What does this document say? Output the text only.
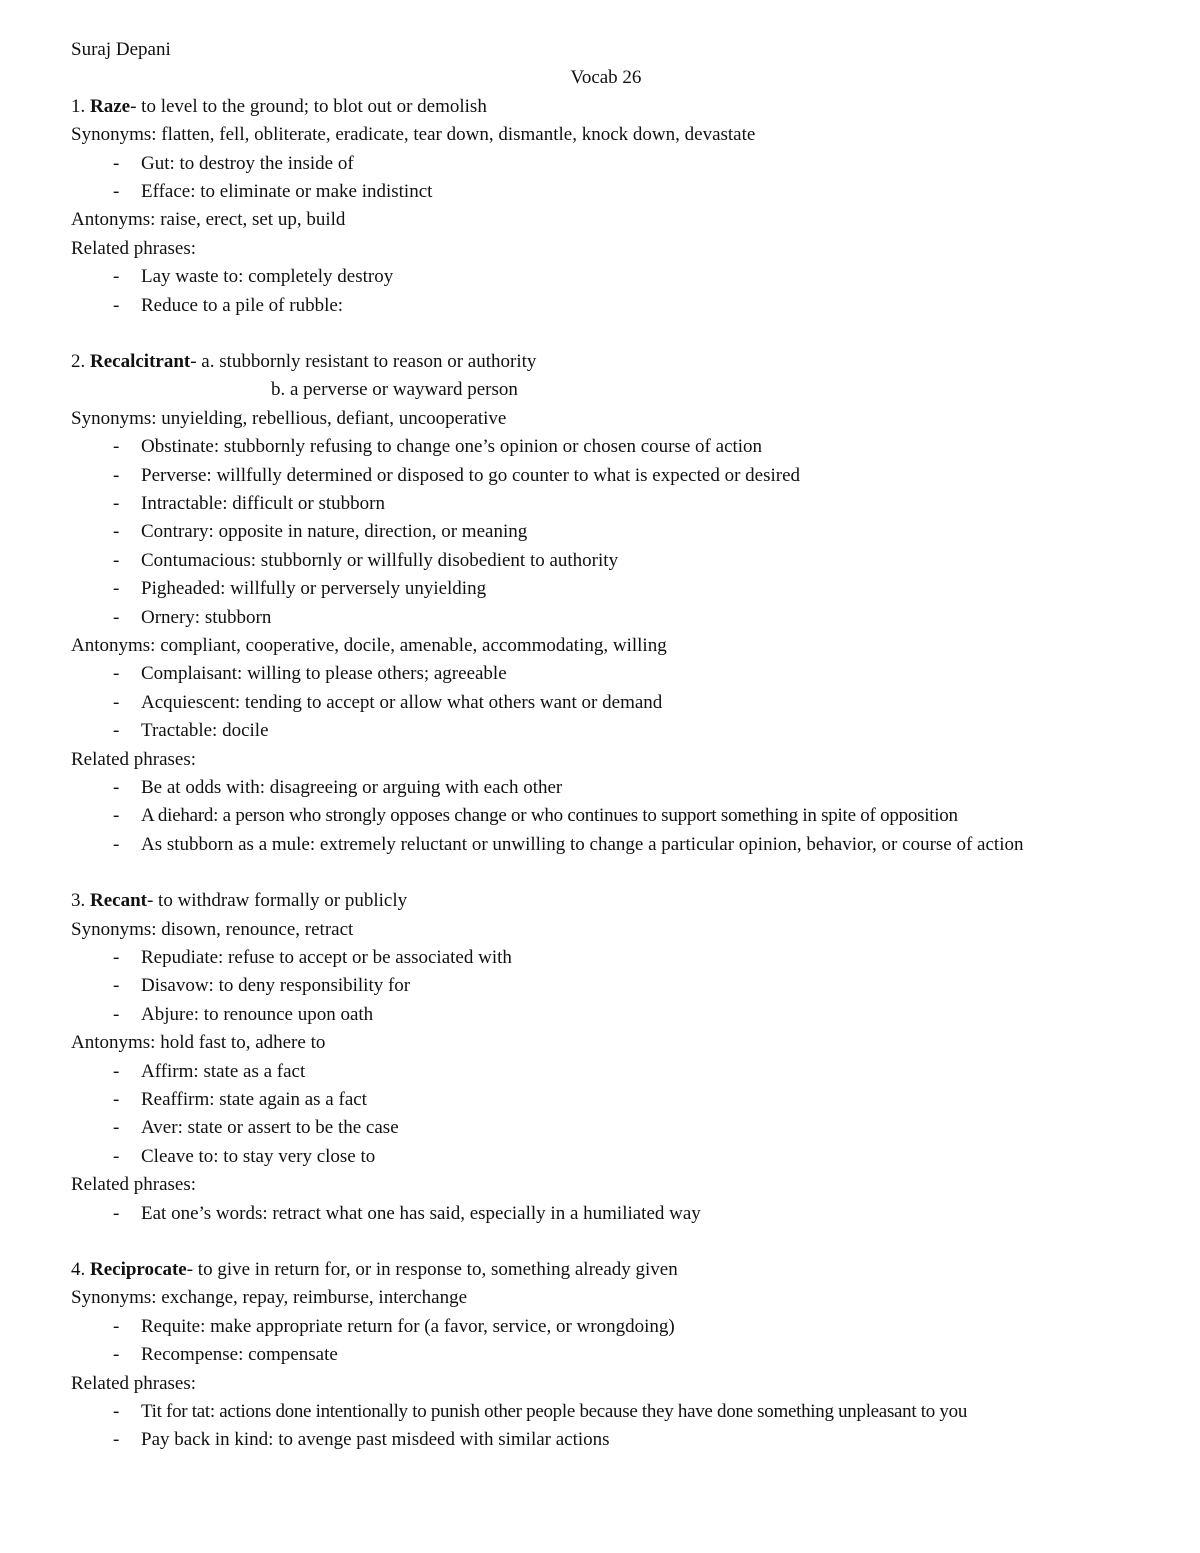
Suraj Depani
Vocab 26
1. Raze- to level to the ground; to blot out or demolish
Synonyms: flatten, fell, obliterate, eradicate, tear down, dismantle, knock down, devastate
-	Gut: to destroy the inside of
-	Efface: to eliminate or make indistinct
Antonyms: raise, erect, set up, build
Related phrases:
-	Lay waste to: completely destroy
-	Reduce to a pile of rubble:
2. Recalcitrant- a. stubbornly resistant to reason or authority
b. a perverse or wayward person
Synonyms: unyielding, rebellious, defiant, uncooperative
-	Obstinate: stubbornly refusing to change one’s opinion or chosen course of action
-	Perverse: willfully determined or disposed to go counter to what is expected or desired
-	Intractable: difficult or stubborn
-	Contrary: opposite in nature, direction, or meaning
-	Contumacious: stubbornly or willfully disobedient to authority
-	Pigheaded: willfully or perversely unyielding
-	Ornery: stubborn
Antonyms: compliant, cooperative, docile, amenable, accommodating, willing
-	Complaisant: willing to please others; agreeable
-	Acquiescent: tending to accept or allow what others want or demand
-	Tractable: docile
Related phrases:
-	Be at odds with: disagreeing or arguing with each other
-	A diehard: a person who strongly opposes change or who continues to support something in spite of opposition
-	As stubborn as a mule: extremely reluctant or unwilling to change a particular opinion, behavior, or course of action
3. Recant- to withdraw formally or publicly
Synonyms: disown, renounce, retract
-	Repudiate: refuse to accept or be associated with
-	Disavow: to deny responsibility for
-	Abjure: to renounce upon oath
Antonyms: hold fast to, adhere to
-	Affirm: state as a fact
-	Reaffirm: state again as a fact
-	Aver: state or assert to be the case
-	Cleave to: to stay very close to
Related phrases:
-	Eat one’s words: retract what one has said, especially in a humiliated way
4. Reciprocate- to give in return for, or in response to, something already given
Synonyms: exchange, repay, reimburse, interchange
-	Requite: make appropriate return for (a favor, service, or wrongdoing)
-	Recompense: compensate
Related phrases:
-	Tit for tat: actions done intentionally to punish other people because they have done something unpleasant to you
-	Pay back in kind: to avenge past misdeed with similar actions
